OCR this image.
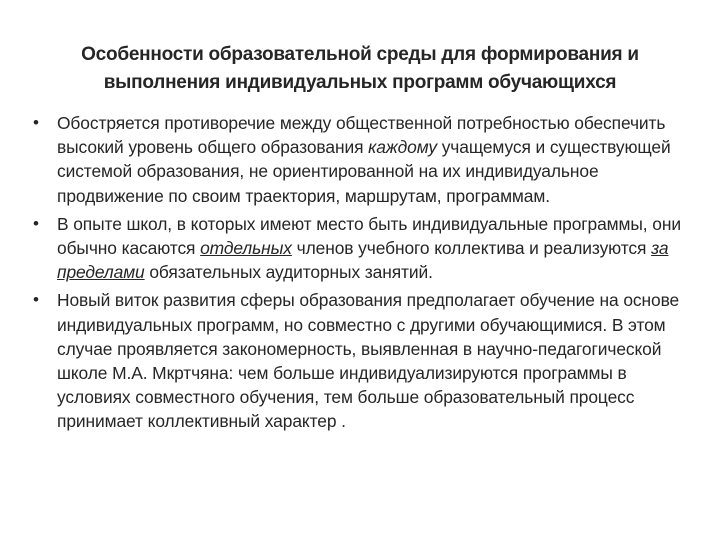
Особенности образовательной среды для формирования и
выполнения индивидуальных программ обучающихся
•	Обостряется противоречие между общественной потребностью обеспечить высокий уровень общего образования каждому учащемуся и существующей системой образования, не ориентированной на их индивидуальное продвижение по своим траектория, маршрутам, программам.
•	В опыте школ, в которых имеют место быть индивидуальные программы, они обычно касаются отдельных членов учебного коллектива и реализуются за пределами обязательных аудиторных занятий.
•	Новый виток развития сферы образования предполагает обучение на основе индивидуальных программ, но совместно с другими обучающимися. В этом случае проявляется закономерность, выявленная в научно-педагогической школе М.А. Мкртчяна: чем больше индивидуализируются программы в условиях совместного обучения, тем больше образовательный процесс принимает коллективный характер .
